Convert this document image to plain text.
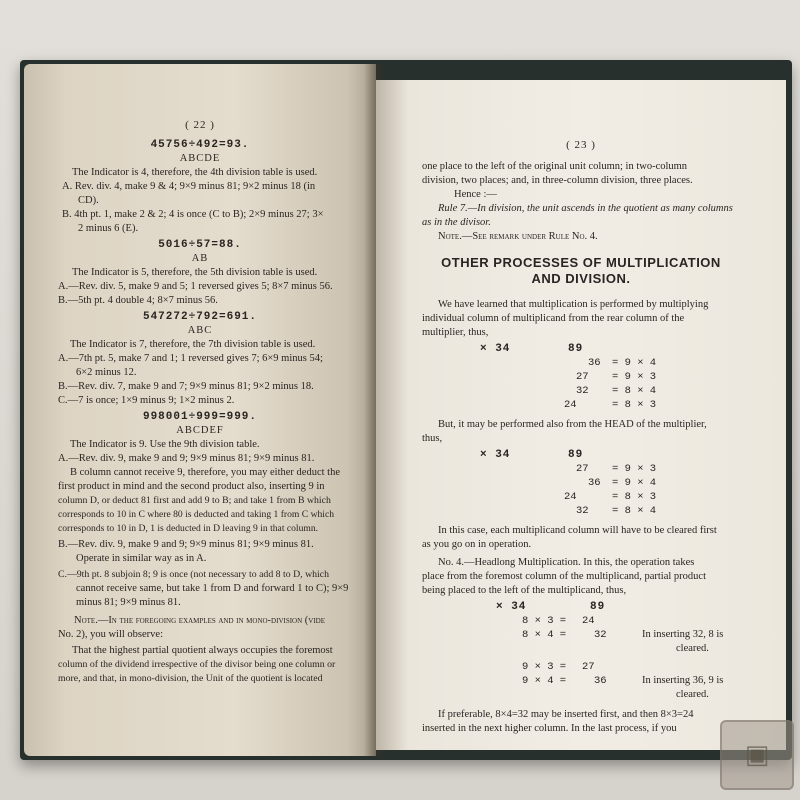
( 22 )
45756÷492=93.
ABCDE
The Indicator is 4, therefore, the 4th division table is used.
A. Rev. div. 4, make 9 & 4; 9×9 minus 81; 9×2 minus 18 (in
CD).
B. 4th pt. 1, make 2 & 2; 4 is once (C to B); 2×9 minus 27; 3×
2 minus 6 (E).
5016÷57=88.
AB
The Indicator is 5, therefore, the 5th division table is used.
A.—Rev. div. 5, make 9 and 5; 1 reversed gives 5; 8×7 minus 56.
B.—5th pt. 4 double 4; 8×7 minus 56.
547272÷792=691.
ABC
The Indicator is 7, therefore, the 7th division table is used.
A.—7th pt. 5, make 7 and 1; 1 reversed gives 7; 6×9 minus 54;
6×2 minus 12.
B.—Rev. div. 7, make 9 and 7; 9×9 minus 81; 9×2 minus 18.
C.—7 is once; 1×9 minus 9; 1×2 minus 2.
998001÷999=999.
ABCDEF
The Indicator is 9. Use the 9th division table.
A.—Rev. div. 9, make 9 and 9; 9×9 minus 81; 9×9 minus 81.
B column cannot receive 9, therefore, you may either deduct the
first product in mind and the second product also, inserting 9 in
column D, or deduct 81 first and add 9 to B; and take 1 from B which
corresponds to 10 in C where 80 is deducted and taking 1 from C which
corresponds to 10 in D, 1 is deducted in D leaving 9 in that column.
B.—Rev. div. 9, make 9 and 9; 9×9 minus 81; 9×9 minus 81.
Operate in similar way as in A.
C.—9th pt. 8 subjoin 8; 9 is once (not necessary to add 8 to D, which
cannot receive same, but take 1 from D and forward 1 to C); 9×9
minus 81; 9×9 minus 81.
Note.—In the foregoing examples and in mono-division (vide
No. 2), you will observe:
That the highest partial quotient always occupies the foremost
column of the dividend irrespective of the divisor being one column or
more, and that, in mono-division, the Unit of the quotient is located
( 23 )
one place to the left of the original unit column; in two-column
division, two places; and, in three-column division, three places.
Hence :—
Rule 7.—In division, the unit ascends in the quotient as many columns
as in the divisor.
Note.—See remark under Rule No. 4.
OTHER PROCESSES OF MULTIPLICATION
AND DIVISION.
We have learned that multiplication is performed by multiplying
individual column of multiplicand from the rear column of the
multiplier, thus,
× 34	89
36 = 9 × 4
27 = 9 × 3
32 = 8 × 4
24	= 8 × 3
But, it may be performed also from the HEAD of the multiplier,
thus,
× 34	89
27 = 9 × 3
36 = 9 × 4
24	= 8 × 3
32 = 8 × 4
In this case, each multiplicand column will have to be cleared first
as you go on in operation.
No. 4.—Headlong Multiplication. In this, the operation takes
place from the foremost column of the multiplicand, partial product
being placed to the left of the multiplicand, thus,
× 34	89
8 × 3 = 24
8 × 4 =	32	In inserting 32, 8 is
cleared.
9 × 3 = 27
9 × 4 =	36	In inserting 36, 9 is
cleared.
If preferable, 8×4=32 may be inserted first, and then 8×3=24
inserted in the next higher column. In the last process, if you
▣
